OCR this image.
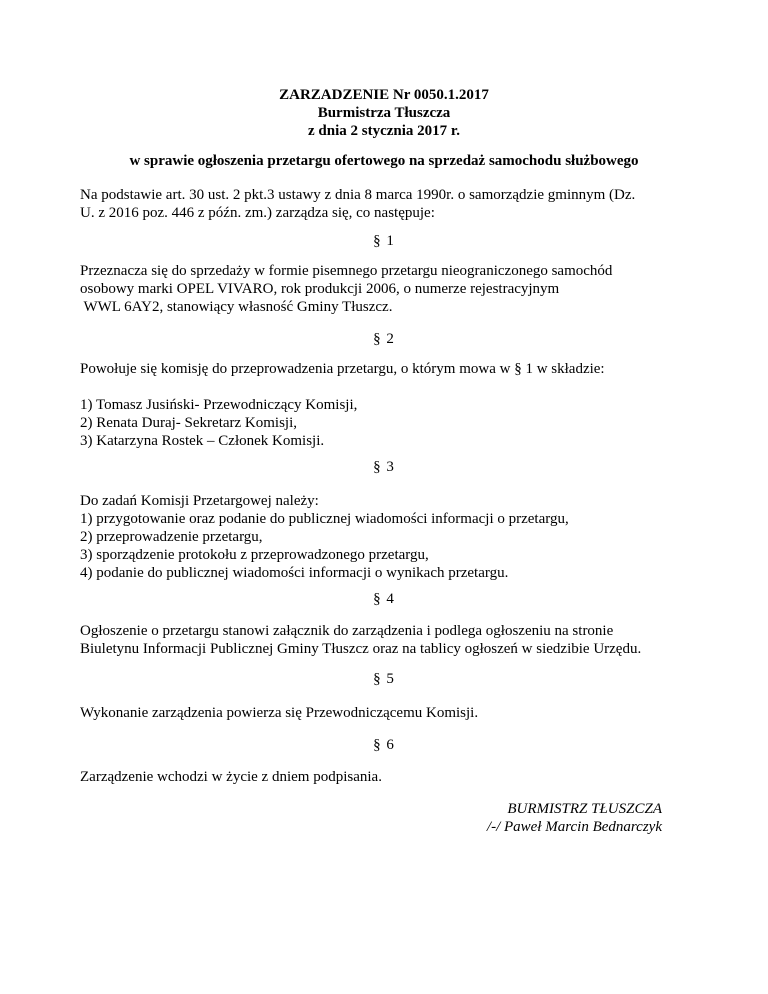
ZARZADZENIE Nr 0050.1.2017
Burmistrza Tłuszcza
z dnia 2 stycznia 2017 r.
w sprawie ogłoszenia przetargu ofertowego na sprzedaż samochodu służbowego
Na podstawie art. 30 ust. 2 pkt.3 ustawy z dnia 8 marca 1990r. o samorządzie gminnym (Dz.
U. z 2016 poz. 446 z późn. zm.) zarządza się, co następuje:
§ 1
Przeznacza się do sprzedaży w formie pisemnego przetargu nieograniczonego samochód
osobowy marki OPEL VIVARO, rok produkcji 2006, o numerze rejestracyjnym
WWL 6AY2, stanowiący własność Gminy Tłuszcz.
§ 2
Powołuje się komisję do przeprowadzenia przetargu, o którym mowa w § 1 w składzie:
1) Tomasz Jusiński- Przewodniczący Komisji,
2) Renata Duraj- Sekretarz Komisji,
3) Katarzyna Rostek – Członek Komisji.
§ 3
Do zadań Komisji Przetargowej należy:
1) przygotowanie oraz podanie do publicznej wiadomości informacji o przetargu,
2) przeprowadzenie przetargu,
3) sporządzenie protokołu z przeprowadzonego przetargu,
4) podanie do publicznej wiadomości informacji o wynikach przetargu.
§ 4
Ogłoszenie o przetargu stanowi załącznik do zarządzenia i podlega ogłoszeniu na stronie
Biuletynu Informacji Publicznej Gminy Tłuszcz oraz na tablicy ogłoszeń w siedzibie Urzędu.
§ 5
Wykonanie zarządzenia powierza się Przewodniczącemu Komisji.
§ 6
Zarządzenie wchodzi w życie z dniem podpisania.
BURMISTRZ TŁUSZCZA
/-/ Paweł Marcin Bednarczyk
